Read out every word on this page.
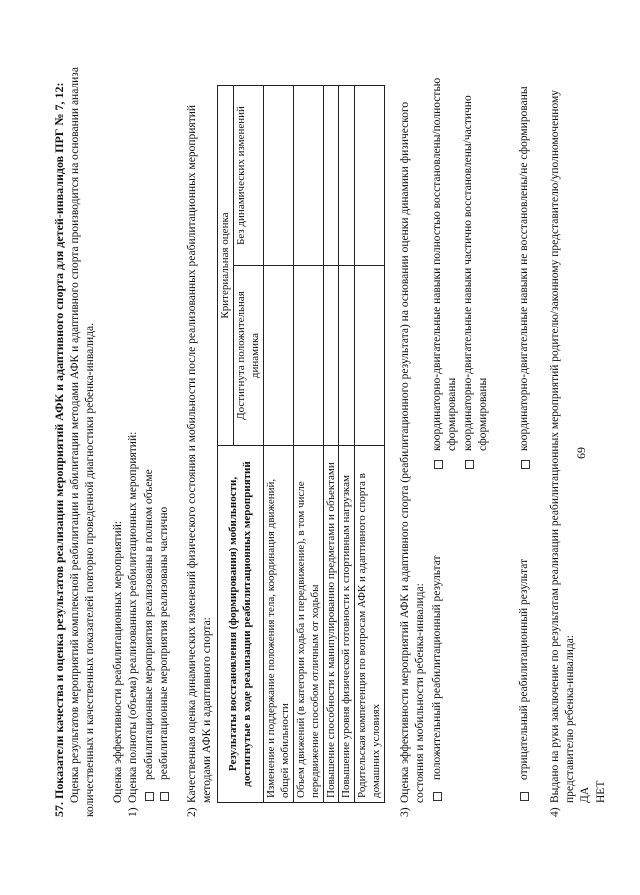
57. Показатели качества и оценка результатов реализации мероприятий АФК и адаптивного спорта для детей-инвалидов ПРГ № 7, 12: Оценка результатов мероприятий комплексной реабилитации и абилитации методами АФК и адаптивного спорта производится на основании анализа количественных и качественных показателей повторно проведенной диагностики ребенка-инвалида. Оценка эффективности реабилитационных мероприятий:

1)

Оценка полноты (объема) реализованных реабилитационных мероприятий: реабилитационные мероприятия реализованы в полном объеме реабилитационные мероприятия реализованы частично
2)

Качественная оценка динамических изменений физического состояния и мобильности после реализованных реабилитационных мероприятий методами АФК и адаптивного спорта: Результаты восстановления (формирования) мобильности, достигнутые в ходе реализации реабилитационных мероприятий	Критериальная оценка	
	Достигнута положительная динамика	Без динамических изменений
Изменение и поддержание положения тела, координация движений, общей мобильности		
Объем движений (в категории ходьба и передвижение), в том числе передвижение способом отличным от ходьбы		
Повышение способности к манипулированию предметами и объектами		
Повышение уровня физической готовности к спортивным нагрузкам		
Родительская компетенция по вопросам АФК и адаптивного спорта в домашних условиях		
3)

Оценка эффективности мероприятий АФК и адаптивного спорта (реабилитационного результата) на основании оценки динамики физического состояния и мобильности ребенка-инвалида: положительный реабилитационный результат
координаторно-двигательные навыки полностью восстановлены/полностью сформированы координаторно-двигательные навыки частично восстановлены/частично сформированы
отрицательный реабилитационный результат
координаторно-двигательные навыки не восстановлены/не сформированы
4)

Выдано на руки заключение по результатам реализации реабилитационных мероприятий родителю/законному представителю/уполномоченному представителю ребенка-инвалида: ДА НЕТ

69
